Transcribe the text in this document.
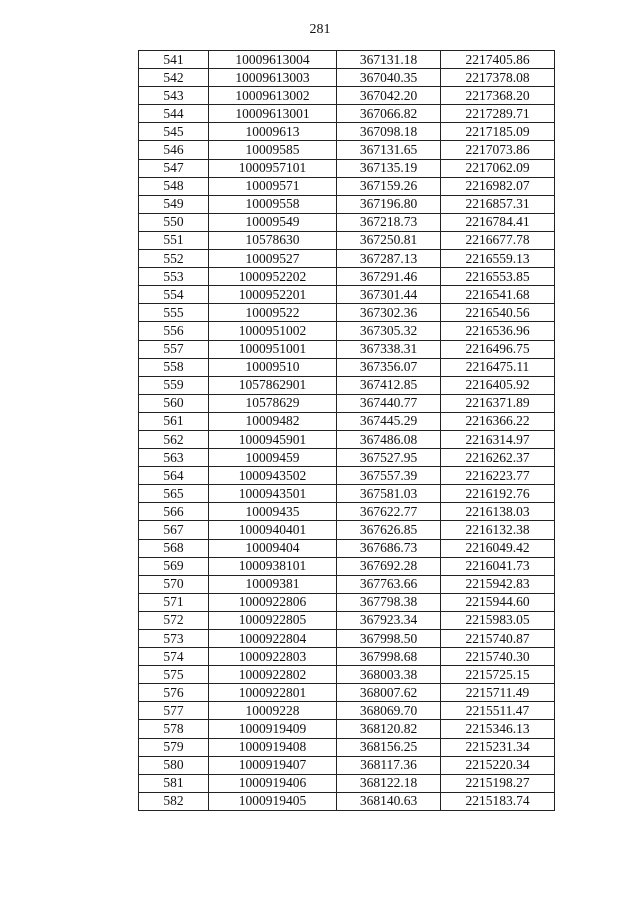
281
541	10009613004	367131.18	2217405.86
542	10009613003	367040.35	2217378.08
543	10009613002	367042.20	2217368.20
544	10009613001	367066.82	2217289.71
545	10009613	367098.18	2217185.09
546	10009585	367131.65	2217073.86
547	1000957101	367135.19	2217062.09
548	10009571	367159.26	2216982.07
549	10009558	367196.80	2216857.31
550	10009549	367218.73	2216784.41
551	10578630	367250.81	2216677.78
552	10009527	367287.13	2216559.13
553	1000952202	367291.46	2216553.85
554	1000952201	367301.44	2216541.68
555	10009522	367302.36	2216540.56
556	1000951002	367305.32	2216536.96
557	1000951001	367338.31	2216496.75
558	10009510	367356.07	2216475.11
559	1057862901	367412.85	2216405.92
560	10578629	367440.77	2216371.89
561	10009482	367445.29	2216366.22
562	1000945901	367486.08	2216314.97
563	10009459	367527.95	2216262.37
564	1000943502	367557.39	2216223.77
565	1000943501	367581.03	2216192.76
566	10009435	367622.77	2216138.03
567	1000940401	367626.85	2216132.38
568	10009404	367686.73	2216049.42
569	1000938101	367692.28	2216041.73
570	10009381	367763.66	2215942.83
571	1000922806	367798.38	2215944.60
572	1000922805	367923.34	2215983.05
573	1000922804	367998.50	2215740.87
574	1000922803	367998.68	2215740.30
575	1000922802	368003.38	2215725.15
576	1000922801	368007.62	2215711.49
577	10009228	368069.70	2215511.47
578	1000919409	368120.82	2215346.13
579	1000919408	368156.25	2215231.34
580	1000919407	368117.36	2215220.34
581	1000919406	368122.18	2215198.27
582	1000919405	368140.63	2215183.74
